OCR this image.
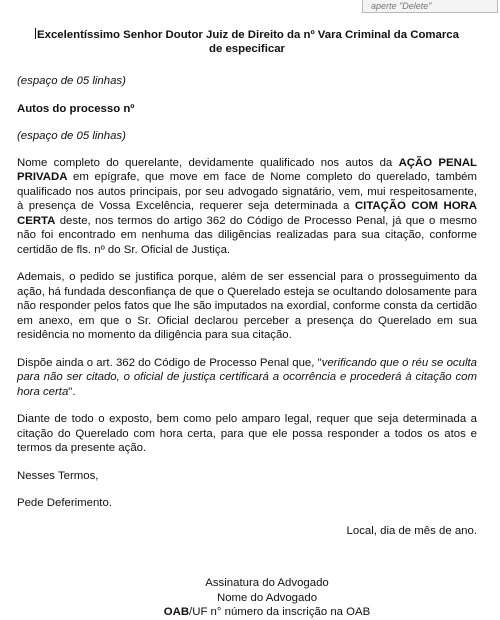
aperte "Delete"

Excelentíssimo Senhor Doutor Juiz de Direito da nº Vara Criminal da Comarca
de especificar

(espaço de 05 linhas)

Autos do processo nº

(espaço de 05 linhas)

Nome completo do querelante, devidamente qualificado nos autos da AÇÃO PENAL PRIVADA em epígrafe, que move em face de Nome completo do querelado, também qualificado nos autos principais, por seu advogado signatário, vem, mui respeitosamente, à presença de Vossa Excelência, requerer seja determinada a CITAÇÃO COM HORA CERTA deste, nos termos do artigo 362 do Código de Processo Penal, já que o mesmo não foi encontrado em nenhuma das diligências realizadas para sua citação, conforme certidão de fls. nº do Sr. Oficial de Justiça.

Ademais, o pedido se justifica porque, além de ser essencial para o prosseguimento da ação, há fundada desconfiança de que o Querelado esteja se ocultando dolosamente para não responder pelos fatos que lhe são imputados na exordial, conforme consta da certidão em anexo, em que o Sr. Oficial declarou perceber a presença do Querelado em sua residência no momento da diligência para sua citação.

Dispõe ainda o art. 362 do Código de Processo Penal que, "verificando que o réu se oculta para não ser citado, o oficial de justiça certificará a ocorrência e procederá à citação com hora certa".

Diante de todo o exposto, bem como pelo amparo legal, requer que seja determinada a citação do Querelado com hora certa, para que ele possa responder a todos os atos e termos da presente ação.

Nesses Termos,

Pede Deferimento.

Local, dia de mês de ano.

Assinatura do Advogado

Nome do Advogado

OAB/UF n° número da inscrição na OAB
